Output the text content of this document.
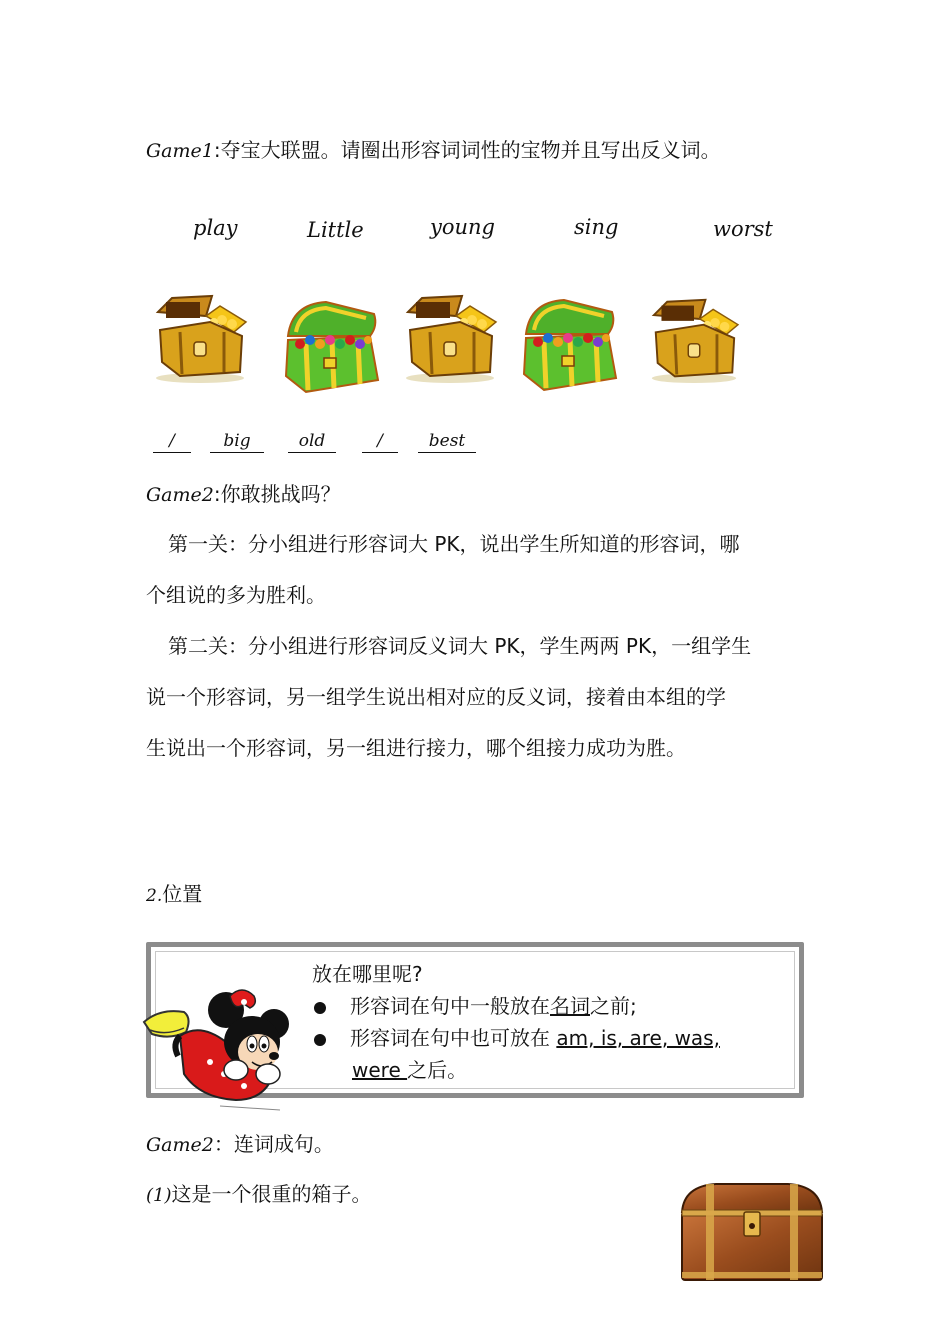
Game1:夺宝大联盟。请圈出形容词词性的宝物并且写出反义词。
play	Little	young	sing	worst
/	big	old	/	best
Game2:你敢挑战吗？
第一关：分小组进行形容词大 PK，说出学生所知道的形容词，哪
个组说的多为胜利。
第二关：分小组进行形容词反义词大 PK，学生两两 PK，一组学生
说一个形容词，另一组学生说出相对应的反义词，接着由本组的学
生说出一个形容词，另一组进行接力，哪个组接力成功为胜。
2.位置
放在哪里呢?
形容词在句中一般放在名词之前;
形容词在句中也可放在 am, is, are, was,
were 之后。
Game2：连词成句。
(1)这是一个很重的箱子。
